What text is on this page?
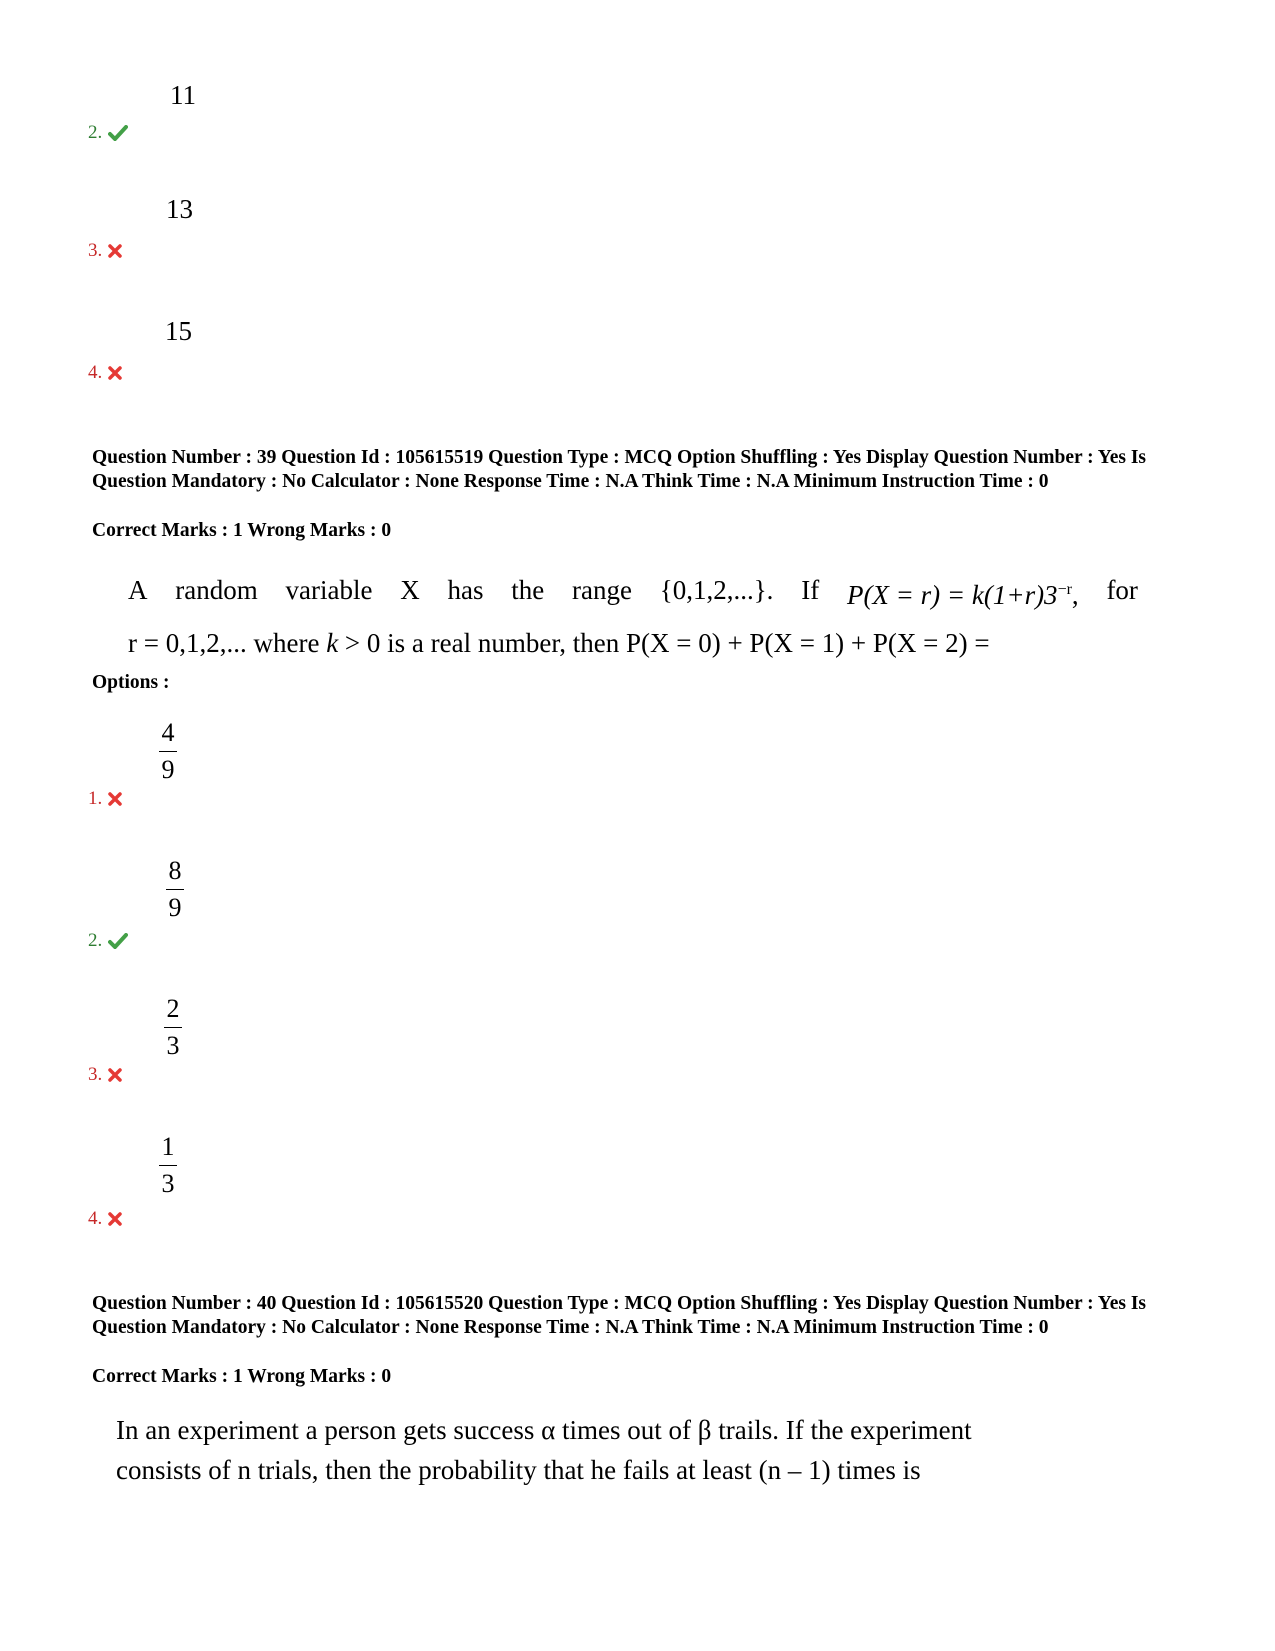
11
2.
13
3.
15
4.
Question Number : 39 Question Id : 105615519 Question Type : MCQ Option Shuffling : Yes Display Question Number : Yes Is Question Mandatory : No Calculator : None Response Time : N.A Think Time : N.A Minimum Instruction Time : 0
Correct Marks : 1 Wrong Marks : 0
A random variable X has the range {0,1,2,...}. If $P(X = r) = k(1+r)3^{-r}$, for
r = 0,1,2,... where k > 0 is a real number, then P(X = 0) + P(X = 1) + P(X = 2) =
Options :
4
9
1.
8
9
2.
2
3
3.
1
3
4.
Question Number : 40 Question Id : 105615520 Question Type : MCQ Option Shuffling : Yes Display Question Number : Yes Is Question Mandatory : No Calculator : None Response Time : N.A Think Time : N.A Minimum Instruction Time : 0
Correct Marks : 1 Wrong Marks : 0
In an experiment a person gets success α times out of β trails. If the experiment
consists of n trials, then the probability that he fails at least (n – 1) times is
